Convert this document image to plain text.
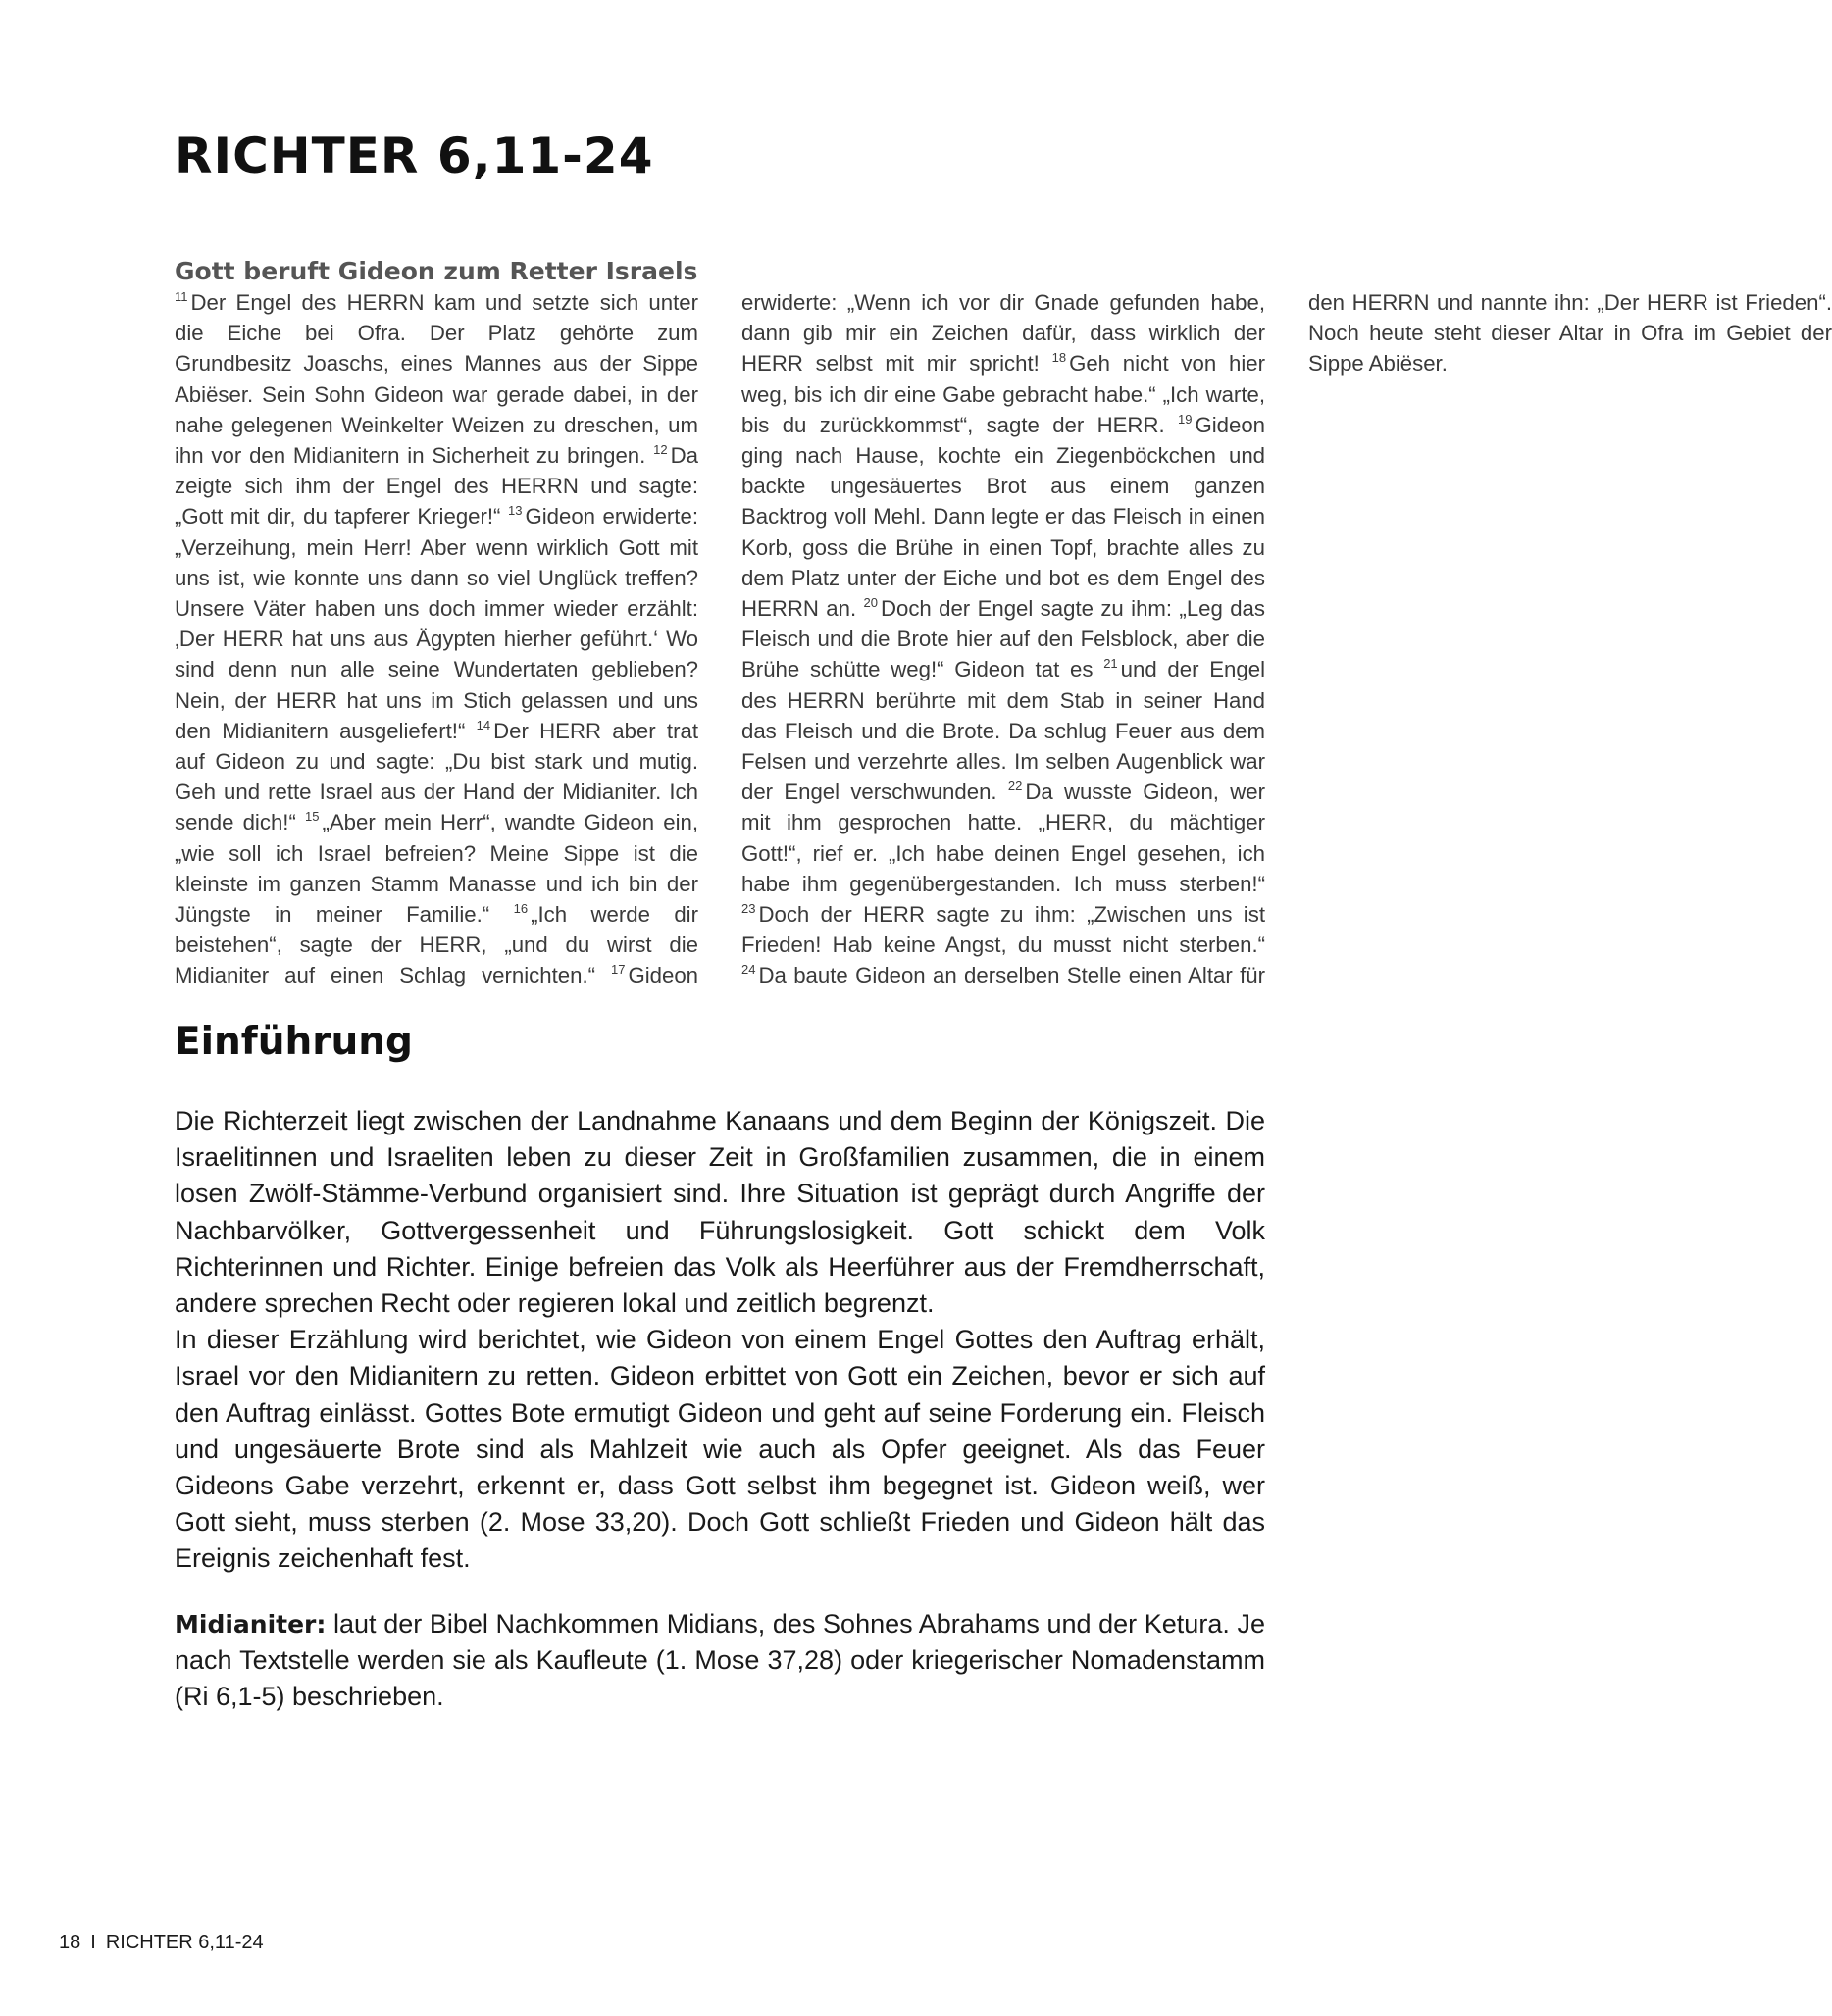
RICHTER 6,11-24
Gott beruft Gideon zum Retter Israels
$^{11}$ Der Engel des HERRN kam und setzte sich unter die Eiche bei Ofra. Der Platz gehörte zum Grundbesitz Joaschs, eines Mannes aus der Sippe Abiëser. Sein Sohn Gideon war gerade dabei, in der nahe gelegenen Weinkelter Weizen zu dreschen, um ihn vor den Midianitern in Sicherheit zu bringen. $^{12}$ Da zeigte sich ihm der Engel des HERRN und sagte: „Gott mit dir, du tapferer Krieger!“ $^{13}$ Gideon erwiderte: „Verzeihung, mein Herr! Aber wenn wirklich Gott mit uns ist, wie konnte uns dann so viel Unglück treffen? Unsere Väter haben uns doch immer wieder erzählt: ‚Der HERR hat uns aus Ägypten hierher geführt.‘ Wo sind denn nun alle seine Wundertaten geblieben? Nein, der HERR hat uns im Stich gelassen und uns den Midianitern ausgeliefert!“ $^{14}$ Der HERR aber trat auf Gideon zu und sagte: „Du bist stark und mutig. Geh und rette Israel aus der Hand der Midianiter. Ich sende dich!“ $^{15}$ „Aber mein Herr“, wandte Gideon ein, „wie soll ich Israel befreien? Meine Sippe ist die kleinste im ganzen Stamm Manasse und ich bin der Jüngste in meiner Familie.“ $^{16}$ „Ich werde dir beistehen“, sagte der HERR, „und du wirst die Midianiter auf einen Schlag vernichten.“ $^{17}$ Gideon erwiderte: „Wenn ich vor dir Gnade gefunden habe, dann gib mir ein Zeichen dafür, dass wirklich der HERR selbst mit mir spricht! $^{18}$ Geh nicht von hier weg, bis ich dir eine Gabe gebracht habe.“ „Ich warte, bis du zurückkommst“, sagte der HERR. $^{19}$ Gideon ging nach Hause, kochte ein Ziegenböckchen und backte ungesäuertes Brot aus einem ganzen Backtrog voll Mehl. Dann legte er das Fleisch in einen Korb, goss die Brühe in einen Topf, brachte alles zu dem Platz unter der Eiche und bot es dem Engel des HERRN an. $^{20}$ Doch der Engel sagte zu ihm: „Leg das Fleisch und die Brote hier auf den Felsblock, aber die Brühe schütte weg!“ Gideon tat es $^{21}$ und der Engel des HERRN berührte mit dem Stab in seiner Hand das Fleisch und die Brote. Da schlug Feuer aus dem Felsen und verzehrte alles. Im selben Augenblick war der Engel verschwunden. $^{22}$ Da wusste Gideon, wer mit ihm gesprochen hatte. „HERR, du mächtiger Gott!“, rief er. „Ich habe deinen Engel gesehen, ich habe ihm gegenübergestanden. Ich muss sterben!“ $^{23}$ Doch der HERR sagte zu ihm: „Zwischen uns ist Frieden! Hab keine Angst, du musst nicht sterben.“ $^{24}$ Da baute Gideon an derselben Stelle einen Altar für den HERRN und nannte ihn: „Der HERR ist Frieden“. Noch heute steht dieser Altar in Ofra im Gebiet der Sippe Abiëser.
Einführung

Die Richterzeit liegt zwischen der Landnahme Kanaans und dem Beginn der Königszeit. Die Israelitinnen und Israeliten leben zu dieser Zeit in Großfamilien zusammen, die in einem losen Zwölf-Stämme-Verbund organisiert sind. Ihre Situation ist geprägt durch Angriffe der Nachbarvölker, Gottvergessenheit und Führungslosigkeit. Gott schickt dem Volk Richterinnen und Richter. Einige befreien das Volk als Heerführer aus der Fremdherrschaft, andere sprechen Recht oder regieren lokal und zeitlich begrenzt.

In dieser Erzählung wird berichtet, wie Gideon von einem Engel Gottes den Auftrag erhält, Israel vor den Midianitern zu retten. Gideon erbittet von Gott ein Zeichen, bevor er sich auf den Auftrag einlässt. Gottes Bote ermutigt Gideon und geht auf seine Forderung ein. Fleisch und ungesäuerte Brote sind als Mahlzeit wie auch als Opfer geeignet. Als das Feuer Gideons Gabe verzehrt, erkennt er, dass Gott selbst ihm begegnet ist. Gideon weiß, wer Gott sieht, muss sterben (2. Mose 33,20). Doch Gott schließt Frieden und Gideon hält das Ereignis zeichenhaft fest.

Midianiter: laut der Bibel Nachkommen Midians, des Sohnes Abrahams und der Ketura. Je nach Textstelle werden sie als Kaufleute (1. Mose 37,28) oder kriegerischer Nomadenstamm (Ri 6,1-5) beschrieben.

18 I RICHTER 6,11-24
